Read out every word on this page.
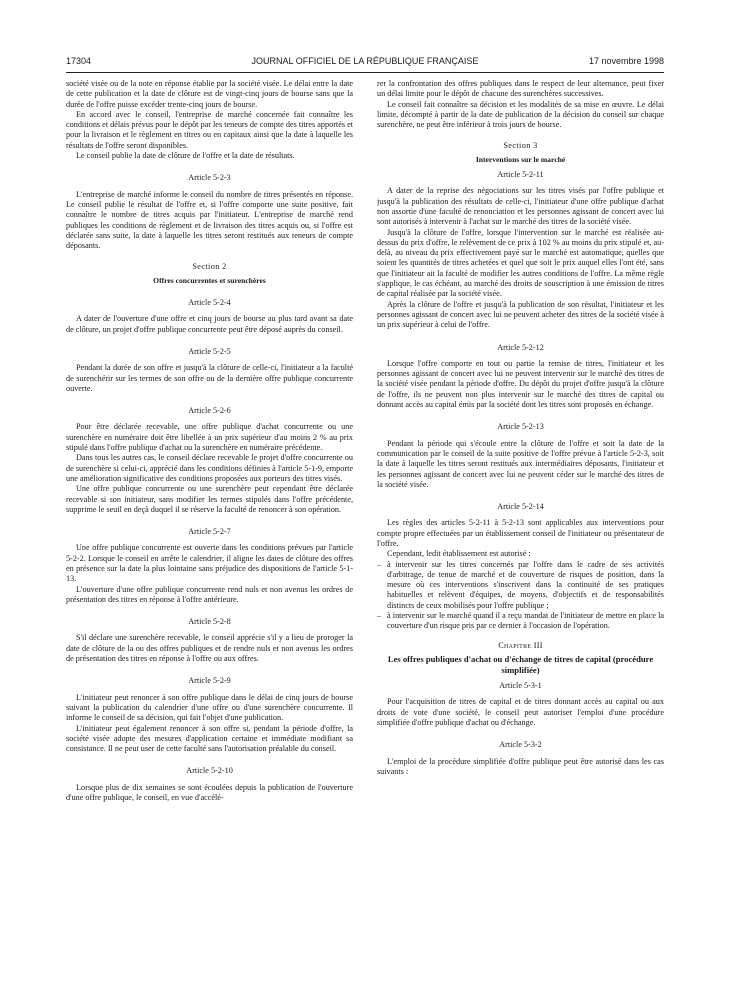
17304	JOURNAL OFFICIEL DE LA RÉPUBLIQUE FRANÇAISE	17 novembre 1998

société visée ou de la note en réponse établie par la société visée. Le délai entre la date de cette publication et la date de clôture est de vingt-cinq jours de bourse sans que la durée de l'offre puisse excéder trente-cinq jours de bourse.

En accord avec le conseil, l'entreprise de marché concernée fait connaître les conditions et délais prévus pour le dépôt par les teneurs de compte des titres apportés et pour la livraison et le règlement en titres ou en capitaux ainsi que la date à laquelle les résultats de l'offre seront disponibles.

Le conseil publie la date de clôture de l'offre et la date de résultats.

Article 5-2-3

L'entreprise de marché informe le conseil du nombre de titres présentés en réponse. Le conseil publie le résultat de l'offre et, si l'offre comporte une suite positive, fait connaître le nombre de titres acquis par l'initiateur. L'entreprise de marché rend publiques les conditions de règlement et de livraison des titres acquis ou, si l'offre est déclarée sans suite, la date à laquelle les titres seront restitués aux teneurs de compte déposants.

Section 2
Offres concurrentes et surenchères
Article 5-2-4

A dater de l'ouverture d'une offre et cinq jours de bourse au plus tard avant sa date de clôture, un projet d'offre publique concurrente peut être déposé auprès du conseil.

Article 5-2-5

Pendant la durée de son offre et jusqu'à la clôture de celle-ci, l'initiateur a la faculté de surenchérir sur les termes de son offre ou de la dernière offre publique concurrente ouverte.

Article 5-2-6

Pour être déclarée recevable, une offre publique d'achat concurrente ou une surenchère en numéraire doit être libellée à un prix supérieur d'au moins 2 % au prix stipulé dans l'offre publique d'achat ou la surenchère en numéraire précédente.

Dans tous les autres cas, le conseil déclare recevable le projet d'offre concurrente ou de surenchère si celui-ci, apprécié dans les conditions définies à l'article 5-1-9, emporte une amélioration significative des conditions proposées aux porteurs des titres visés.

Une offre publique concurrente ou une surenchère peut cependant être déclarée recevable si son initiateur, sans modifier les termes stipulés dans l'offre précédente, supprime le seuil en deçà duquel il se réserve la faculté de renoncer à son opération.

Article 5-2-7

Une offre publique concurrente est ouverte dans les conditions prévues par l'article 5-2-2. Lorsque le conseil en arrête le calendrier, il aligne les dates de clôture des offres en présence sur la date la plus lointaine sans préjudice des dispositions de l'article 5-1-13.

L'ouverture d'une offre publique concurrente rend nuls et non avenus les ordres de présentation des titres en réponse à l'offre antérieure.

Article 5-2-8

S'il déclare une surenchère recevable, le conseil apprécie s'il y a lieu de proroger la date de clôture de la ou des offres publiques et de rendre nuls et non avenus les ordres de présentation des titres en réponse à l'offre ou aux offres.

Article 5-2-9

L'initiateur peut renoncer à son offre publique dans le délai de cinq jours de bourse suivant la publication du calendrier d'une offre ou d'une surenchère concurrente. Il informe le conseil de sa décision, qui fait l'objet d'une publication.

L'initiateur peut également renoncer à son offre si, pendant la période d'offre, la société visée adopte des mesures d'application certaine et immédiate modifiant sa consistance. Il ne peut user de cette faculté sans l'autorisation préalable du conseil.

Article 5-2-10

Lorsque plus de dix semaines se sont écoulées depuis la publication de l'ouverture d'une offre publique, le conseil, en vue d'accélé-

rer la confrontation des offres publiques dans le respect de leur alternance, peut fixer un délai limite pour le dépôt de chacune des surenchères successives.

Le conseil fait connaître sa décision et les modalités de sa mise en œuvre. Le délai limite, décompté à partir de la date de publication de la décision du conseil sur chaque surenchère, ne peut être inférieur à trois jours de bourse.

Section 3
Interventions sur le marché
Article 5-2-11

A dater de la reprise des négociations sur les titres visés par l'offre publique et jusqu'à la publication des résultats de celle-ci, l'initiateur d'une offre publique d'achat non assortie d'une faculté de renonciation et les personnes agissant de concert avec lui sont autorisés à intervenir à l'achat sur le marché des titres de la société visée.

Jusqu'à la clôture de l'offre, lorsque l'intervention sur le marché est réalisée au-dessus du prix d'offre, le relèvement de ce prix à 102 % au moins du prix stipulé et, au-delà, au niveau du prix effectivement payé sur le marché est automatique, quelles que soient les quantités de titres achetées et quel que soit le prix auquel elles l'ont été, sans que l'initiateur ait la faculté de modifier les autres conditions de l'offre. La même règle s'applique, le cas échéant, au marché des droits de souscription à une émission de titres de capital réalisée par la société visée.

Après la clôture de l'offre et jusqu'à la publication de son résultat, l'initiateur et les personnes agissant de concert avec lui ne peuvent acheter des titres de la société visée à un prix supérieur à celui de l'offre.

Article 5-2-12

Lorsque l'offre comporte en tout ou partie la remise de titres, l'initiateur et les personnes agissant de concert avec lui ne peuvent intervenir sur le marché des titres de la société visée pendant la période d'offre. Du dépôt du projet d'offre jusqu'à la clôture de l'offre, ils ne peuvent non plus intervenir sur le marché des titres de capital ou donnant accès au capital émis par la société dont les titres sont proposés en échange.

Article 5-2-13

Pendant la période qui s'écoule entre la clôture de l'offre et soit la date de la communication par le conseil de la suite positive de l'offre prévue à l'article 5-2-3, soit la date à laquelle les titres seront restitués aux intermédiaires déposants, l'initiateur et les personnes agissant de concert avec lui ne peuvent céder sur le marché des titres de la société visée.

Article 5-2-14

Les règles des articles 5-2-11 à 5-2-13 sont applicables aux interventions pour compte propre effectuées par un établissement conseil de l'initiateur ou présentateur de l'offre.

Cependant, ledit établissement est autorisé :

– à intervenir sur les titres concernés par l'offre dans le cadre de ses activités d'arbitrage, de tenue de marché et de couverture de risques de position, dans la mesure où ces interventions s'inscrivent dans la continuité de ses pratiques habituelles et relèvent d'équipes, de moyens, d'objectifs et de responsabilités distincts de ceux mobilisés pour l'offre publique ;
– à intervenir sur le marché quand il a reçu mandat de l'initiateur de mettre en place la couverture d'un risque pris par ce dernier à l'occasion de l'opération.
Chapitre III
Les offres publiques d'achat ou d'échange de titres de capital (procédure simplifiée)
Article 5-3-1

Pour l'acquisition de titres de capital et de titres donnant accès au capital ou aux droits de vote d'une société, le conseil peut autoriser l'emploi d'une procédure simplifiée d'offre publique d'achat ou d'échange.

Article 5-3-2

L'emploi de la procédure simplifiée d'offre publique peut être autorisé dans les cas suivants :
